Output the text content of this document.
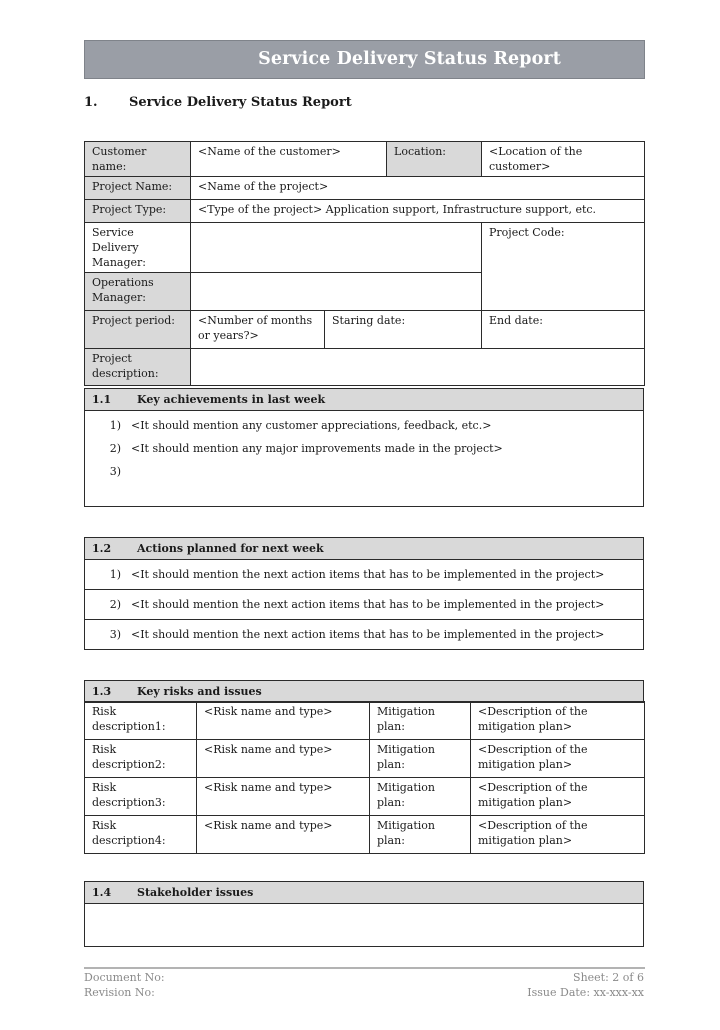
Service Delivery Status Report
1. Service Delivery Status Report
Customer name:	<Name of the customer>		Location:	<Location of the customer>
Project Name:	<Name of the project>			
Project Type:	<Type of the project> Application support, Infrastructure support, etc.			
Service Delivery Manager:				Project Code:
Operations Manager:				
Project period:	<Number of months or years?>	Staring date:		End date:
Project description:				
1.1 Key achievements in last week
1) <It should mention any customer appreciations, feedback, etc.>
2) <It should mention any major improvements made in the project>
3)
1.2 Actions planned for next week
1) <It should mention the next action items that has to be implemented in the project>
2) <It should mention the next action items that has to be implemented in the project>
3) <It should mention the next action items that has to be implemented in the project>
1.3 Key risks and issues
Risk description1:	<Risk name and type>	Mitigation plan:	<Description of the mitigation plan>
Risk description2:	<Risk name and type>	Mitigation plan:	<Description of the mitigation plan>
Risk description3:	<Risk name and type>	Mitigation plan:	<Description of the mitigation plan>
Risk description4:	<Risk name and type>	Mitigation plan:	<Description of the mitigation plan>
1.4 Stakeholder issues
Document No:
Revision No:
Sheet: 2 of 6
Issue Date: xx-xxx-xx
